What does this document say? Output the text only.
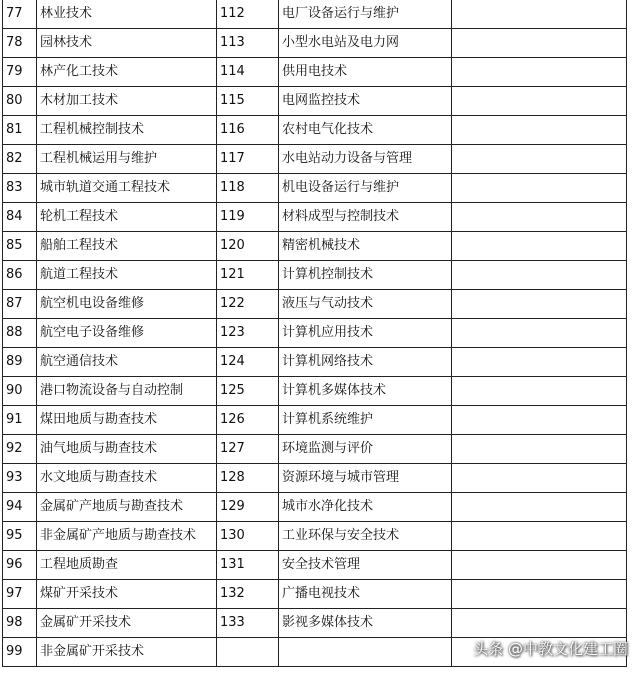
77	林业技术	112	电厂设备运行与维护	
78	园林技术	113	小型水电站及电力网	
79	林产化工技术	114	供用电技术	
80	木材加工技术	115	电网监控技术	
81	工程机械控制技术	116	农村电气化技术	
82	工程机械运用与维护	117	水电站动力设备与管理	
83	城市轨道交通工程技术	118	机电设备运行与维护	
84	轮机工程技术	119	材料成型与控制技术	
85	船舶工程技术	120	精密机械技术	
86	航道工程技术	121	计算机控制技术	
87	航空机电设备维修	122	液压与气动技术	
88	航空电子设备维修	123	计算机应用技术	
89	航空通信技术	124	计算机网络技术	
90	港口物流设备与自动控制	125	计算机多媒体技术	
91	煤田地质与勘查技术	126	计算机系统维护	
92	油气地质与勘查技术	127	环境监测与评价	
93	水文地质与勘查技术	128	资源环境与城市管理	
94	金属矿产地质与勘查技术	129	城市水净化技术	
95	非金属矿产地质与勘查技术	130	工业环保与安全技术	
96	工程地质勘查	131	安全技术管理	
97	煤矿开采技术	132	广播电视技术	
98	金属矿开采技术	133	影视多媒体技术	
99	非金属矿开采技术				头条 @中教文化建工圈
